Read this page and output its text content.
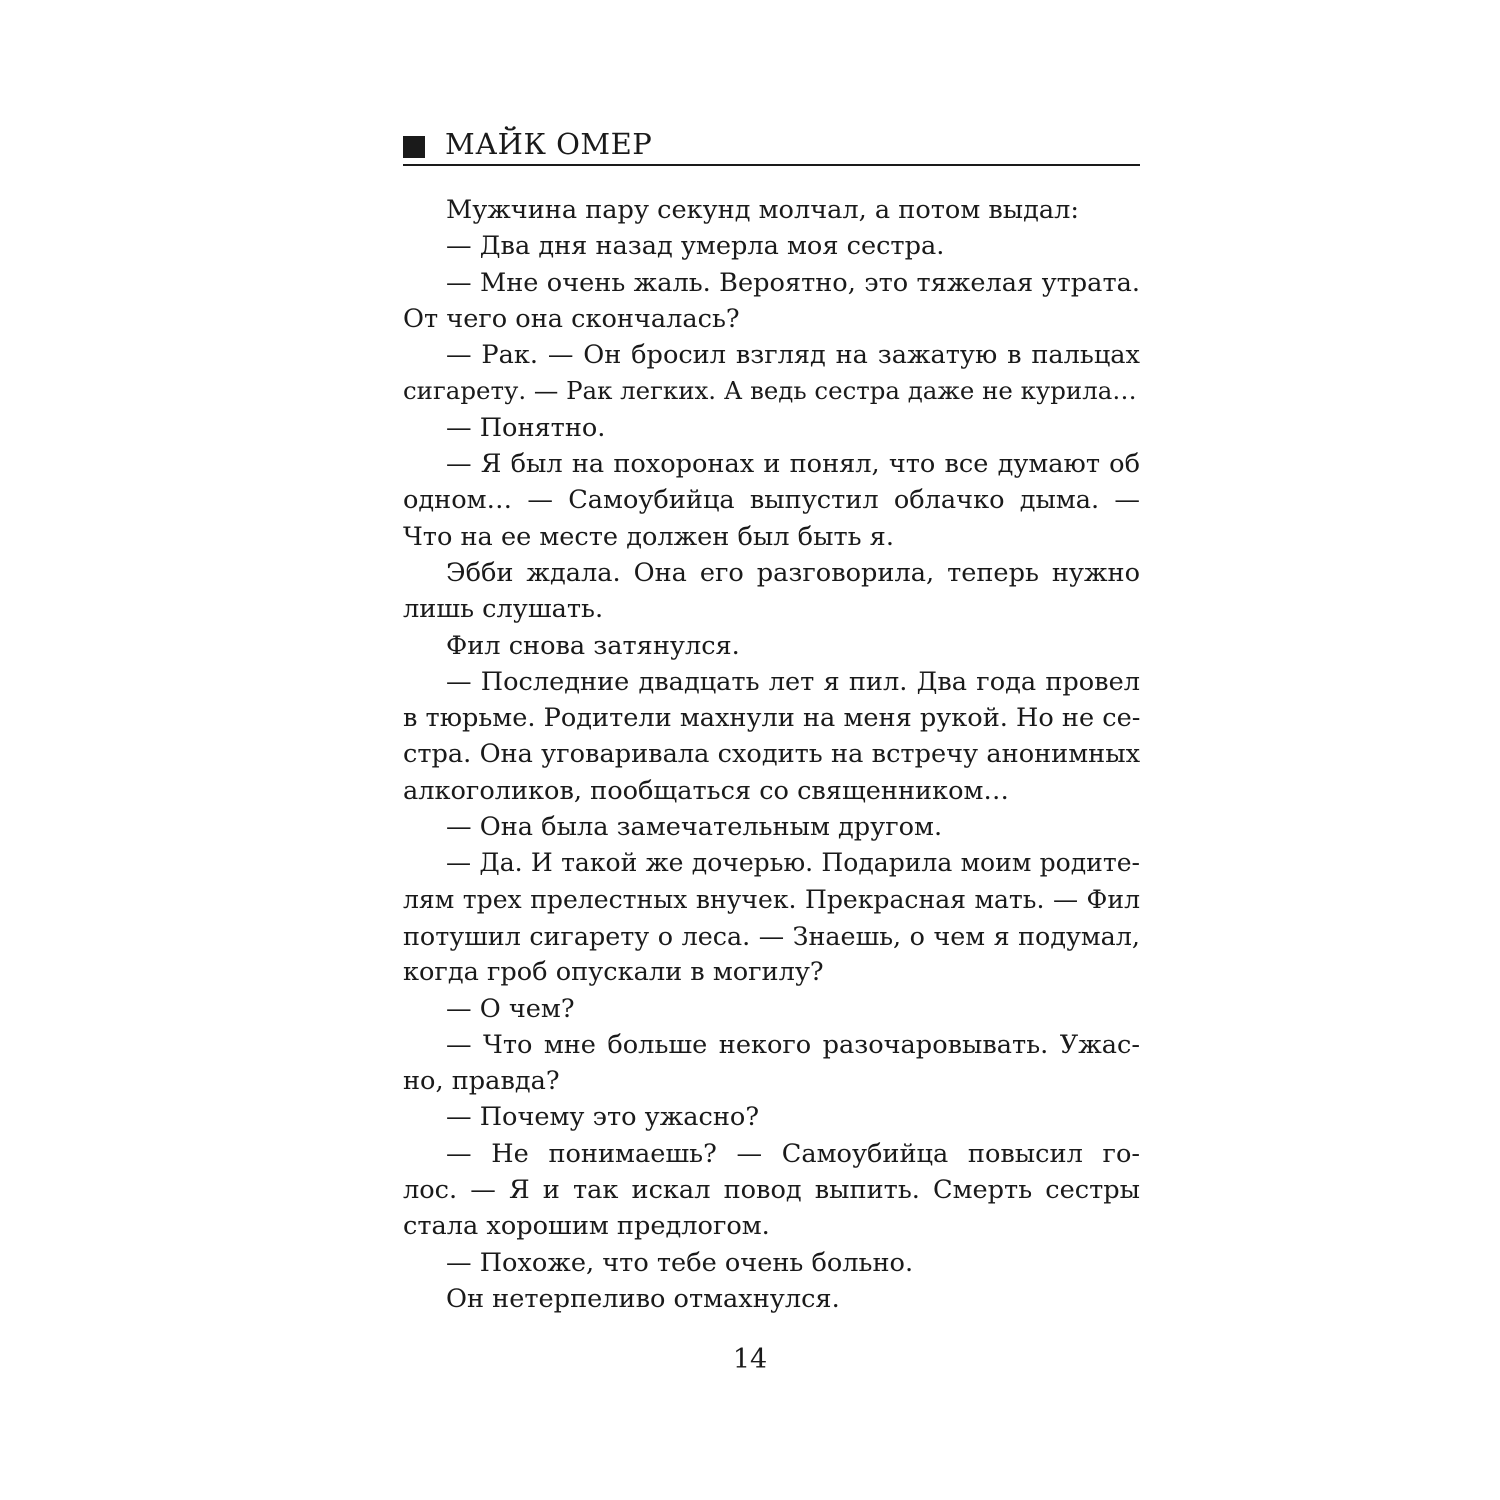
МАЙК ОМЕР
Мужчина пару секунд молчал, а потом выдал:
— Два дня назад умерла моя сестра.
— Мне очень жаль. Вероятно, это тяжелая утрата.
От чего она скончалась?
— Рак. — Он бросил взгляд на зажатую в пальцах
сигарету. — Рак легких. А ведь сестра даже не курила…
— Понятно.
— Я был на похоронах и понял, что все думают об
одном… — Самоубийца выпустил облачко дыма. —
Что на ее месте должен был быть я.
Эбби ждала. Она его разговорила, теперь нужно
лишь слушать.
Фил снова затянулся.
— Последние двадцать лет я пил. Два года провел
в тюрьме. Родители махнули на меня рукой. Но не се-
стра. Она уговаривала сходить на встречу анонимных
алкоголиков, пообщаться со священником…
— Она была замечательным другом.
— Да. И такой же дочерью. Подарила моим родите-
лям трех прелестных внучек. Прекрасная мать. — Фил
потушил сигарету о леса. — Знаешь, о чем я подумал,
когда гроб опускали в могилу?
— О чем?
— Что мне больше некого разочаровывать. Ужас-
но, правда?
— Почему это ужасно?
— Не понимаешь? — Самоубийца повысил го-
лос. — Я и так искал повод выпить. Смерть сестры
стала хорошим предлогом.
— Похоже, что тебе очень больно.
Он нетерпеливо отмахнулся.
14
